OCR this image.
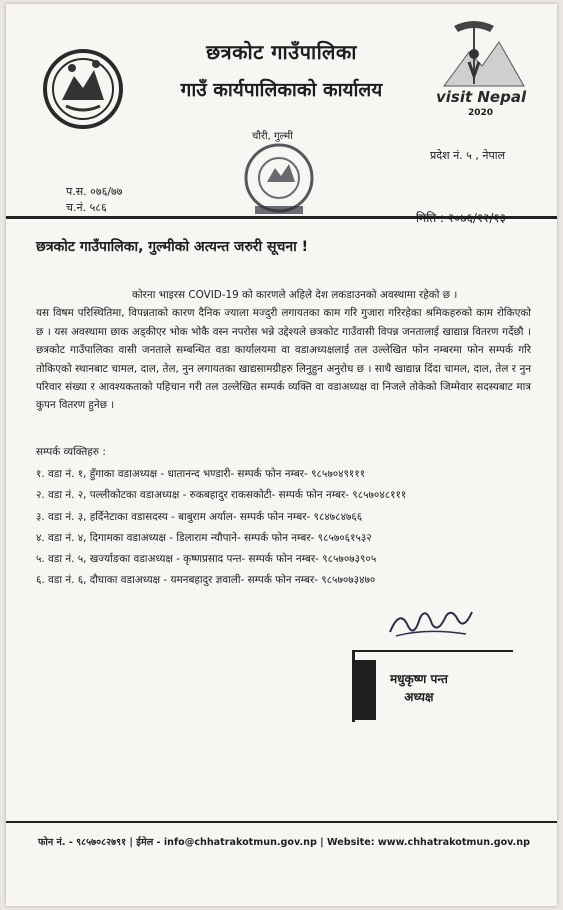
छत्रकोट गाउँपालिका
गाउँ कार्यपालिकाको कार्यालय	visit Nepal
2020
चौरी, गुल्मी
प्रदेश नं. ५ , नेपाल
प.स. ०७६/७७
च.नं. ५८६
मिति : २०७६/१२/१३
छत्रकोट गाउँपालिका, गुल्मीको अत्यन्त जरुरी सूचना !

कोरना भाइरस COVID-19 को कारणले अहिले देश लकडाउनको अवस्थामा रहेको छ ।

यस विषम परिस्थितिमा, विपन्नताको कारण दैनिक ज्याला मज्दुरी लगायतका काम गरि गुजारा गरिरहेका श्रमिकहरुको काम रोकिएको छ । यस अवस्थामा छाक अड्कीएर भोक भोकै वस्न नपरोस भन्ने उद्देश्यले छत्रकोट गाउँवासी विपन्न जनतालाई खाद्यान्न वितरण गर्देछौ । छत्रकोट गाउँपालिका वासी जनताले सम्बन्धित वडा कार्यालयमा वा वडाअध्यक्षलाई तल उल्लेखित फोन नम्बरमा फोन सम्पर्क गरि तोकिएको स्थानबाट चामल, दाल, तेल, नुन लगायतका खाद्यसामग्रीहरु लिनुहुन अनुरोध छ । साथै खाद्यान्न दिंदा चामल, दाल, तेल र नुन परिवार संख्या र आवश्यकताको पहिचान गरी तल उल्लेखित सम्पर्क व्यक्ति वा वडाअध्यक्ष वा निजले तोकेको जिम्मेवार सदस्यबाट मात्र कुपन वितरण हुनेछ ।

सम्पर्क व्यक्तिहरु :
१. वडा नं. १, हुँगाका वडाअध्यक्ष - धातानन्द भण्डारी- सम्पर्क फोन नम्बर- ९८५७०४९१११
२. वडा नं. २, पल्लीकोटका वडाअध्यक्ष - रुकबहादुर राकसकोटी- सम्पर्क फोन नम्बर- ९८५७०४८१११
३. वडा नं. ३, हर्दिनेटाका वडासदस्य - बाबुराम अर्याल- सम्पर्क फोन नम्बर- ९८४७८४७६६
४. वडा नं. ४, दिगामका वडाअध्यक्ष - डिलाराम न्यौपाने- सम्पर्क फोन नम्बर- ९८५७०६१५३२
५. वडा नं. ५, खर्ज्याङका वडाअध्यक्ष - कृष्णप्रसाद पन्त- सम्पर्क फोन नम्बर- ९८५७०७३९०५
६. वडा नं. ६, दौघाका वडाअध्यक्ष - यमनबहादुर ज्ञवाली- सम्पर्क फोन नम्बर- ९८५७०७३४७०
मधुकृष्ण पन्त
अध्यक्ष
फोन नं. - ९८५७०८२७९१ | ईमेल - info@chhatrakotmun.gov.np | Website: www.chhatrakotmun.gov.np
